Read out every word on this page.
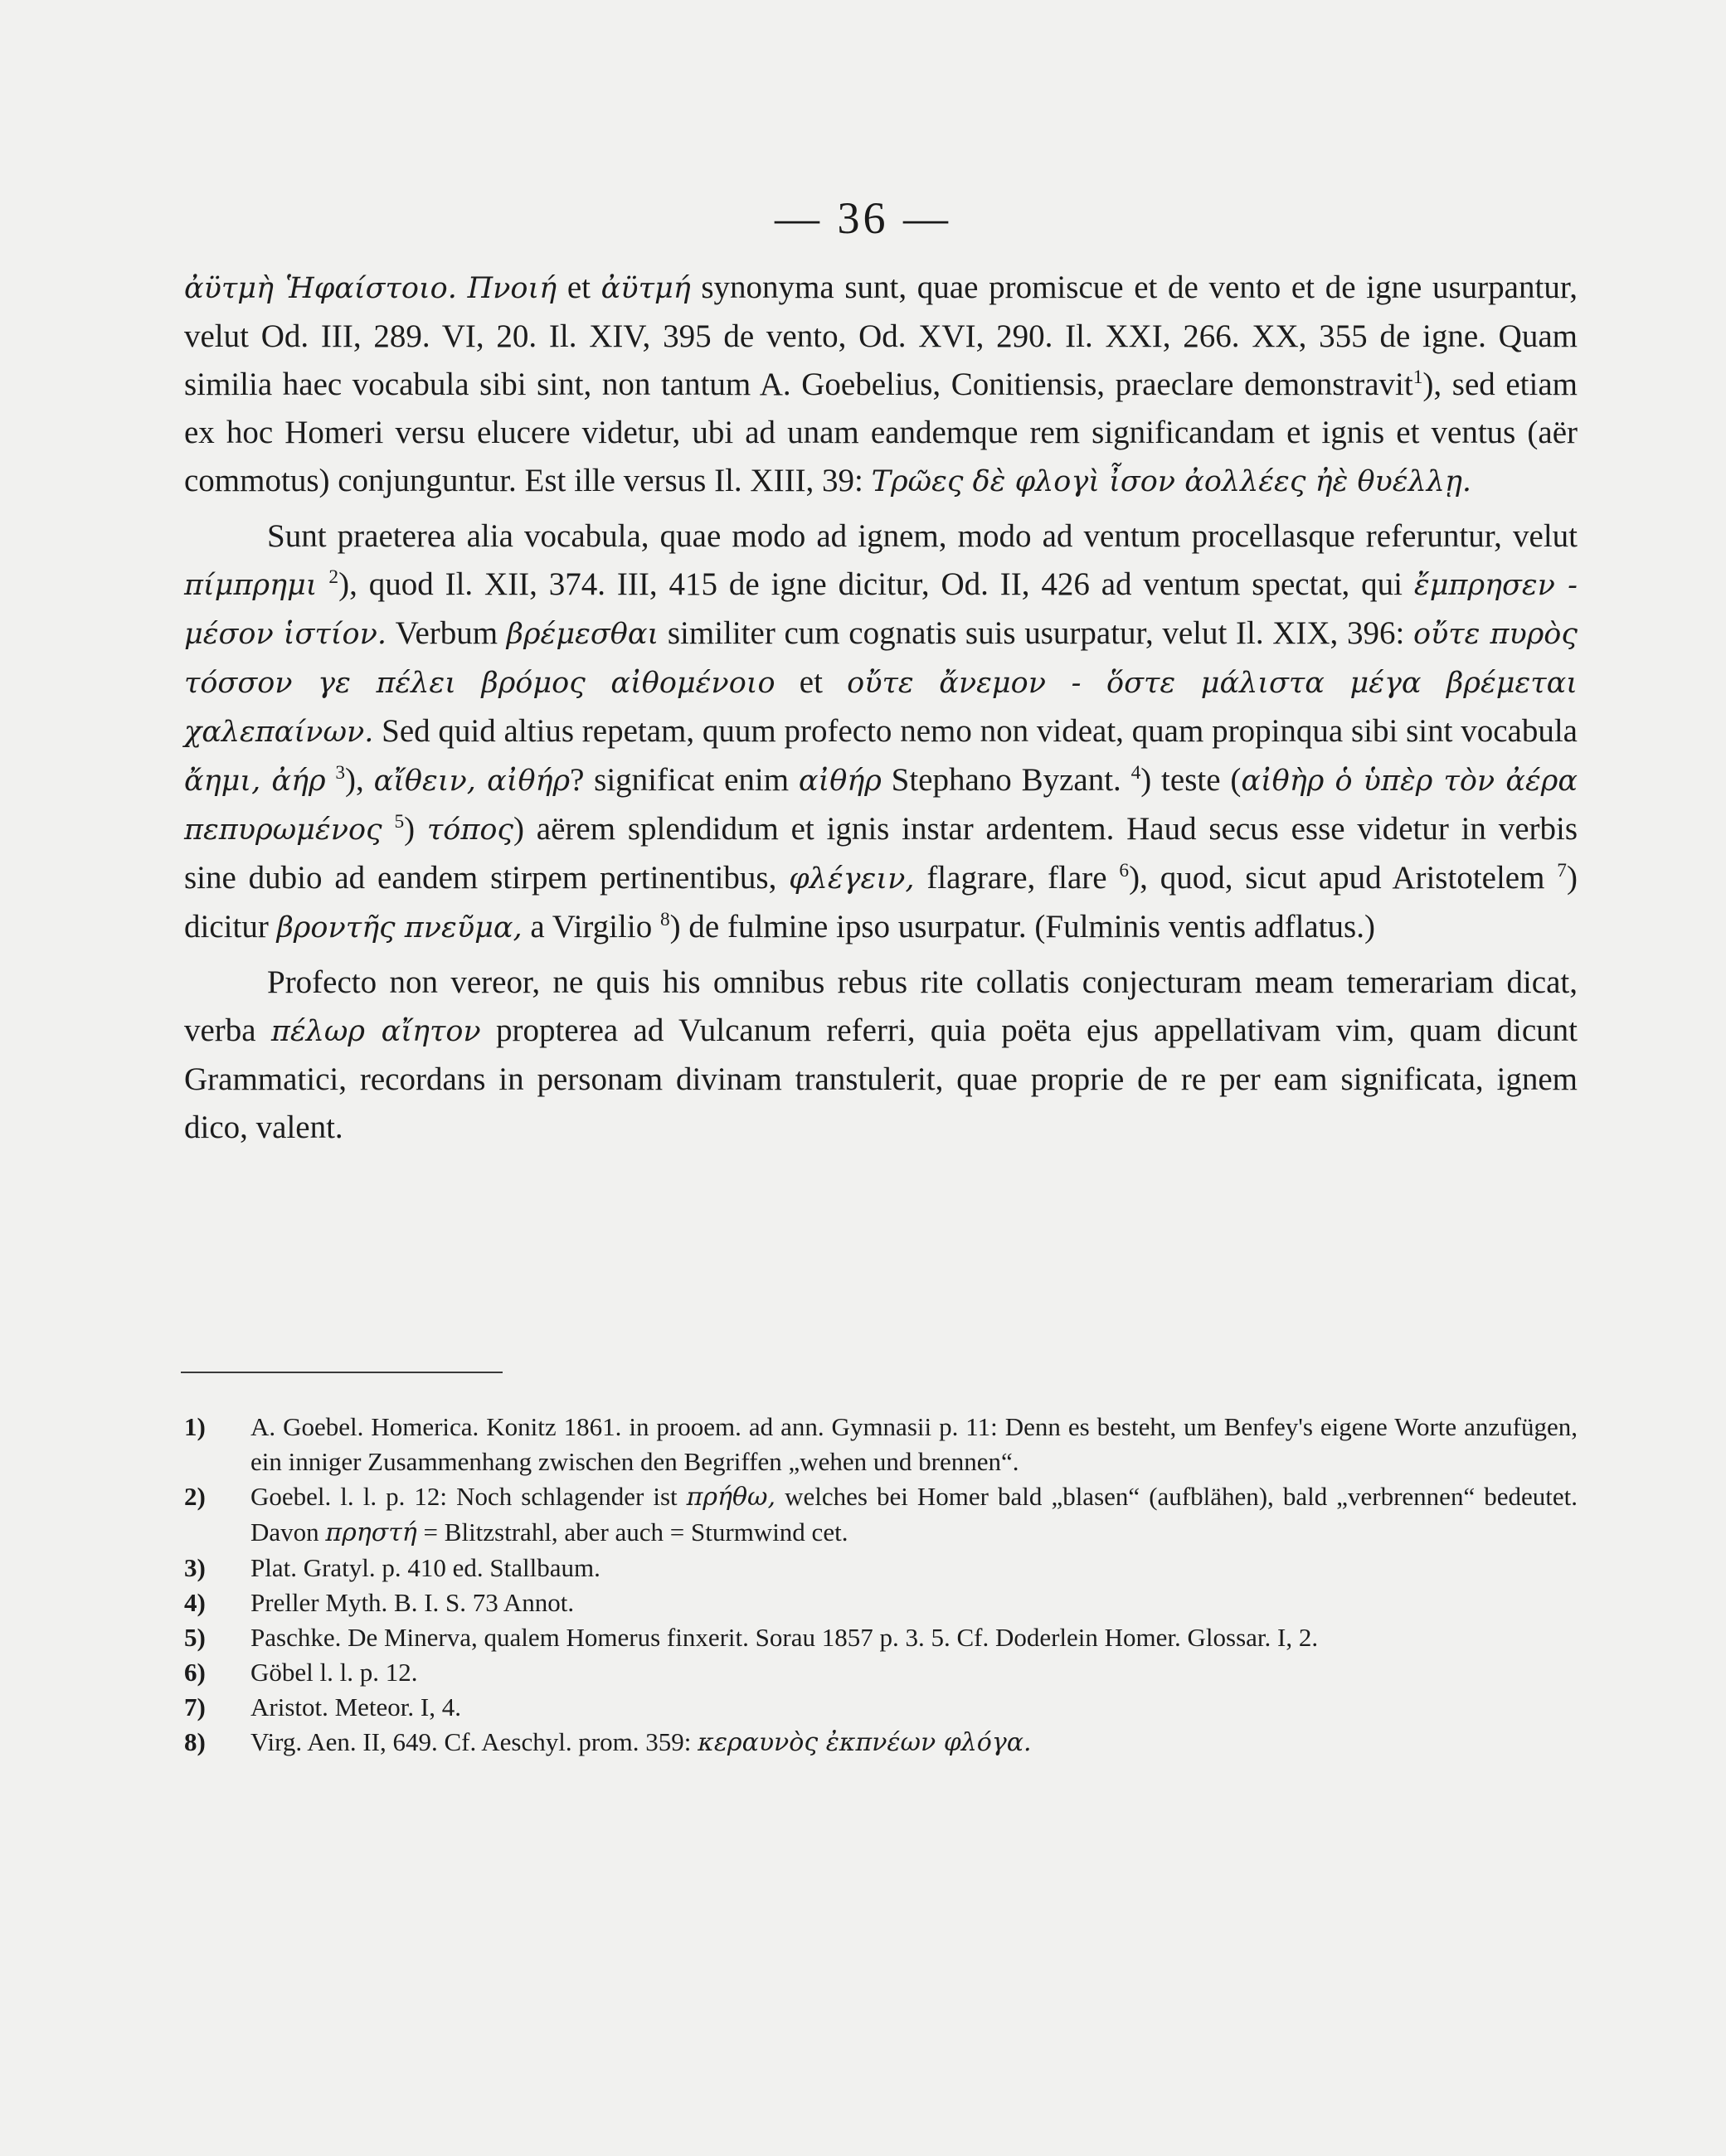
— 36 —

ἀϋτμὴ Ἡφαίστοιο. Πνοιή et ἀϋτμή synonyma sunt, quae promiscue et de vento et de igne usurpantur, velut Od. III, 289. VI, 20. Il. XIV, 395 de vento, Od. XVI, 290. Il. XXI, 266. XX, 355 de igne. Quam similia haec vocabula sibi sint, non tantum A. Goebelius, Conitiensis, praeclare demonstravit$^1$), sed etiam ex hoc Homeri versu elucere videtur, ubi ad unam eandemque rem significandam et ignis et ventus (aër commotus) conjunguntur. Est ille versus Il. XIII, 39: Τρῶες δὲ φλογὶ ἶσον ἀολλέες ἠὲ θυέλλῃ.

Sunt praeterea alia vocabula, quae modo ad ignem, modo ad ventum procellasque referuntur, velut πίμπρημι $^2$), quod Il. XII, 374. III, 415 de igne dicitur, Od. II, 426 ad ventum spectat, qui ἔμπρησεν - μέσον ἱστίον. Verbum βρέμεσθαι similiter cum cognatis suis usurpatur, velut Il. XIX, 396: οὔτε πυρὸς τόσσον γε πέλει βρόμος αἰθομένοιο et οὔτε ἄνεμον - ὅστε μάλιστα μέγα βρέμεται χαλεπαίνων. Sed quid altius repetam, quum profecto nemo non videat, quam propinqua sibi sint vocabula ἄημι, ἀήρ $^3$), αἴθειν, αἰθήρ? significat enim αἰθήρ Stephano Byzant. $^4$) teste (αἰθὴρ ὁ ὑπὲρ τὸν ἀέρα πεπυρωμένος $^5$) τόπος) aërem splendidum et ignis instar ardentem. Haud secus esse videtur in verbis sine dubio ad eandem stirpem pertinentibus, φλέγειν, flagrare, flare $^6$), quod, sicut apud Aristotelem $^7$) dicitur βροντῆς πνεῦμα, a Virgilio $^8$) de fulmine ipso usurpatur. (Fulminis ventis adflatus.)

Profecto non vereor, ne quis his omnibus rebus rite collatis conjecturam meam temerariam dicat, verba πέλωρ αἴητον propterea ad Vulcanum referri, quia poëta ejus appellativam vim, quam dicunt Grammatici, recordans in personam divinam transtulerit, quae proprie de re per eam significata, ignem dico, valent.

1) A. Goebel. Homerica. Konitz 1861. in prooem. ad ann. Gymnasii p. 11: Denn es besteht, um Benfey's eigene Worte anzufügen, ein inniger Zusammenhang zwischen den Begriffen „wehen und brennen“.
2) Goebel. l. l. p. 12: Noch schlagender ist πρήθω, welches bei Homer bald „blasen“ (aufblähen), bald „verbrennen“ bedeutet. Davon πρηστή = Blitzstrahl, aber auch = Sturmwind cet.
3) Plat. Gratyl. p. 410 ed. Stallbaum.
4) Preller Myth. B. I. S. 73 Annot.
5) Paschke. De Minerva, qualem Homerus finxerit. Sorau 1857 p. 3. 5. Cf. Doderlein Homer. Glossar. I, 2.
6) Göbel l. l. p. 12.
7) Aristot. Meteor. I, 4.
8) Virg. Aen. II, 649. Cf. Aeschyl. prom. 359: κεραυνὸς ἐκπνέων φλόγα.
